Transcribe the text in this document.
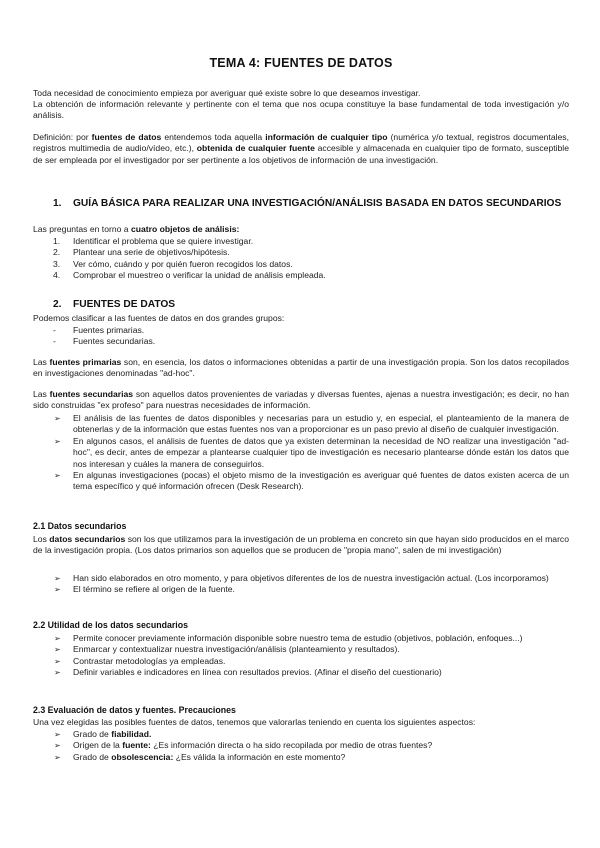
TEMA 4: FUENTES DE DATOS

Toda necesidad de conocimiento empieza por averiguar qué existe sobre lo que deseamos investigar.

La obtención de información relevante y pertinente con el tema que nos ocupa constituye la base fundamental de toda investigación y/o análisis.

Definición: por fuentes de datos entendemos toda aquella información de cualquier tipo (numérica y/o textual, registros documentales, registros multimedia de audio/vídeo, etc.), obtenida de cualquier fuente accesible y almacenada en cualquier tipo de formato, susceptible de ser empleada por el investigador por ser pertinente a los objetivos de información de una investigación.

1. GUÍA BÁSICA PARA REALIZAR UNA INVESTIGACIÓN/ANÁLISIS BASADA EN DATOS SECUNDARIOS

Las preguntas en torno a cuatro objetos de análisis:

1. Identificar el problema que se quiere investigar.
2. Plantear una serie de objetivos/hipótesis.
3. Ver cómo, cuándo y por quién fueron recogidos los datos.
4. Comprobar el muestreo o verificar la unidad de análisis empleada.
2. FUENTES DE DATOS

Podemos clasificar a las fuentes de datos en dos grandes grupos:

- Fuentes primarias.
- Fuentes secundarias.

Las fuentes primarias son, en esencia, los datos o informaciones obtenidas a partir de una investigación propia. Son los datos recopilados en investigaciones denominadas "ad-hoc".

Las fuentes secundarias son aquellos datos provenientes de variadas y diversas fuentes, ajenas a nuestra investigación; es decir, no han sido construidas "ex profeso" para nuestras necesidades de información.

➢ El análisis de las fuentes de datos disponibles y necesarias para un estudio y, en especial, el planteamiento de la manera de obtenerlas y de la información que estas fuentes nos van a proporcionar es un paso previo al diseño de cualquier investigación.
➢ En algunos casos, el análisis de fuentes de datos que ya existen determinan la necesidad de NO realizar una investigación "ad-hoc", es decir, antes de empezar a plantearse cualquier tipo de investigación es necesario plantearse dónde están los datos que nos interesan y cuáles la manera de conseguirlos.
➢ En algunas investigaciones (pocas) el objeto mismo de la investigación es averiguar qué fuentes de datos existen acerca de un tema específico y qué información ofrecen (Desk Research).
2.1 Datos secundarios

Los datos secundarios son los que utilizamos para la investigación de un problema en concreto sin que hayan sido producidos en el marco de la investigación propia. (Los datos primarios son aquellos que se producen de "propia mano", salen de mi investigación)

➢ Han sido elaborados en otro momento, y para objetivos diferentes de los de nuestra investigación actual. (Los incorporamos)
➢ El término se refiere al origen de la fuente.
2.2 Utilidad de los datos secundarios
➢ Permite conocer previamente información disponible sobre nuestro tema de estudio (objetivos, población, enfoques...)
➢ Enmarcar y contextualizar nuestra investigación/análisis (planteamiento y resultados).
➢ Contrastar metodologías ya empleadas.
➢ Definir variables e indicadores en línea con resultados previos. (Afinar el diseño del cuestionario)
2.3 Evaluación de datos y fuentes. Precauciones

Una vez elegidas las posibles fuentes de datos, tenemos que valorarlas teniendo en cuenta los siguientes aspectos:

➢ Grado de fiabilidad.
➢ Origen de la fuente: ¿Es información directa o ha sido recopilada por medio de otras fuentes?
➢ Grado de obsolescencia: ¿Es válida la información en este momento?
